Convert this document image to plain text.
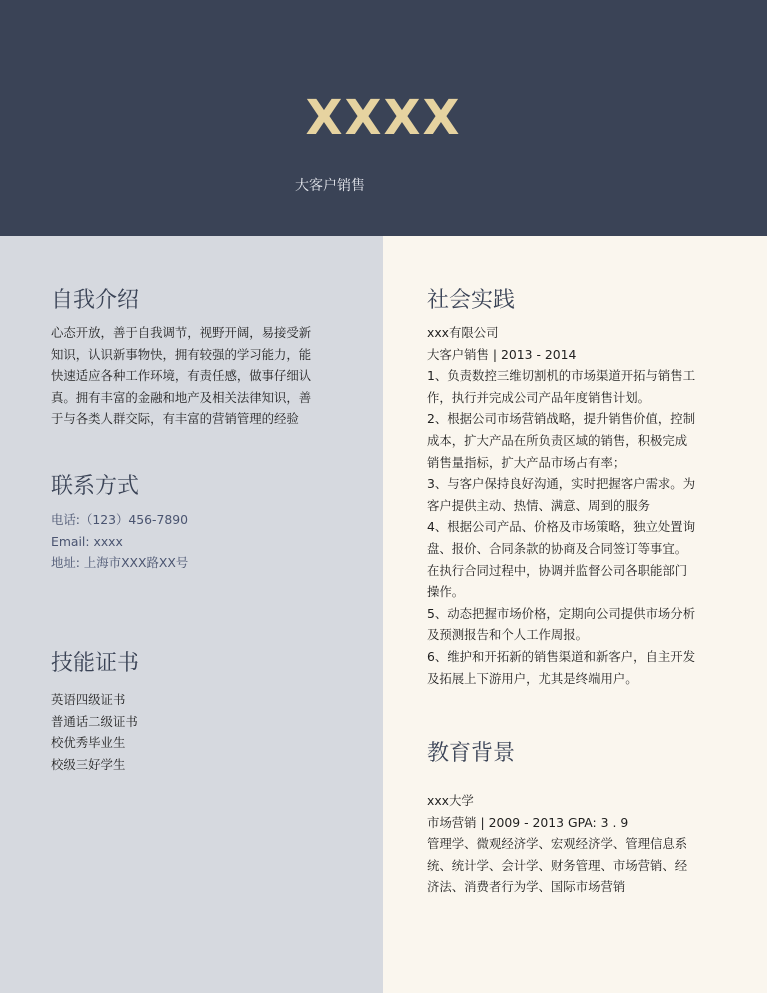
XXXX
大客户销售
自我介绍
心态开放，善于自我调节，视野开阔，易接受新
知识，认识新事物快，拥有较强的学习能力，能
快速适应各种工作环境，有责任感，做事仔细认
真。拥有丰富的金融和地产及相关法律知识，善
于与各类人群交际，有丰富的营销管理的经验
联系方式
电话:（123）456-7890
Email: xxxx
地址: 上海市XXX路XX号
技能证书
英语四级证书
普通话二级证书
校优秀毕业生
校级三好学生
社会实践
xxx有限公司
大客户销售 | 2013 - 2014
1、负责数控三维切割机的市场渠道开拓与销售工
作，执行并完成公司产品年度销售计划。
2、根据公司市场营销战略，提升销售价值，控制
成本，扩大产品在所负责区域的销售，积极完成
销售量指标，扩大产品市场占有率；
3、与客户保持良好沟通，实时把握客户需求。为
客户提供主动、热情、满意、周到的服务
4、根据公司产品、价格及市场策略，独立处置询
盘、报价、合同条款的协商及合同签订等事宜。
在执行合同过程中，协调并监督公司各职能部门
操作。
5、动态把握市场价格，定期向公司提供市场分析
及预测报告和个人工作周报。
6、维护和开拓新的销售渠道和新客户，自主开发
及拓展上下游用户，尤其是终端用户。
教育背景
xxx大学
市场营销 | 2009 - 2013 GPA: 3 . 9
管理学、微观经济学、宏观经济学、管理信息系
统、统计学、会计学、财务管理、市场营销、经
济法、消费者行为学、国际市场营销
